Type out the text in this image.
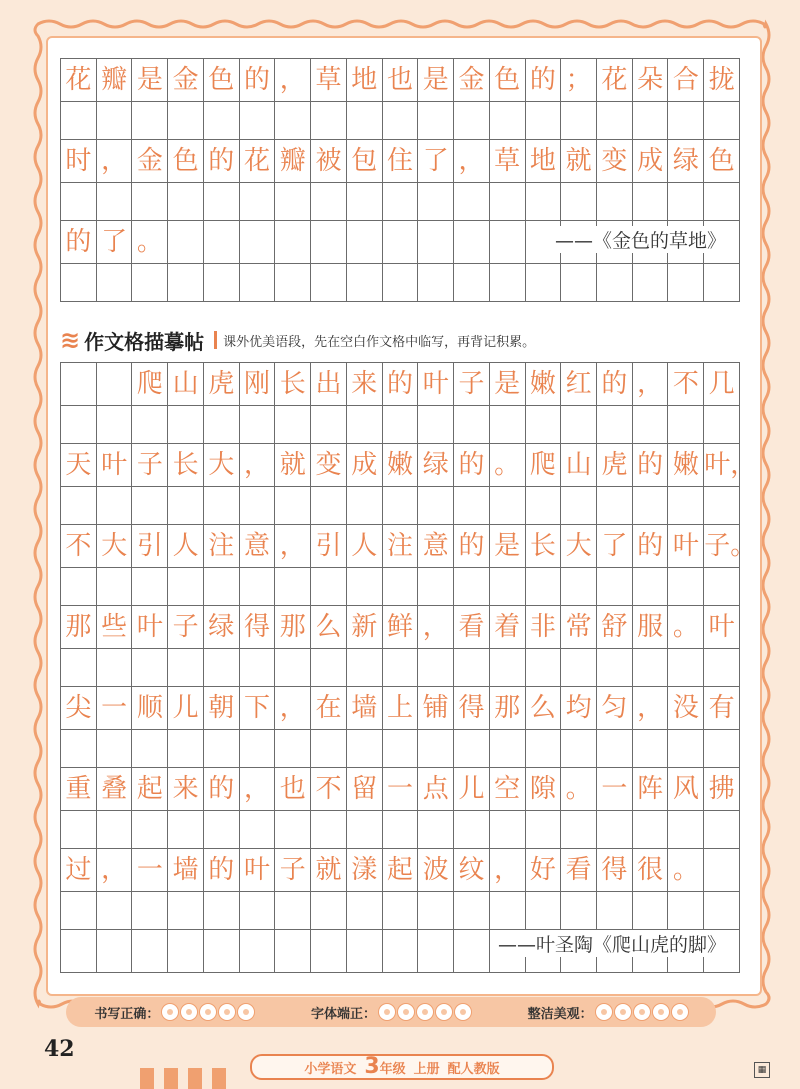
花	瓣	是	金	色	的	，	草	地	也	是	金	色	的	；	花	朵	合	拢

时	，	金	色	的	花	瓣	被	包	住	了	，	草	地	就	变	成	绿	色

的	了	。																
																			——《金色的草地》
≋ 作文格描摹帖 课外优美语段，先在空白作文格中临写，再背记积累。
		爬	山	虎	刚	长	出	来	的	叶	子	是	嫩	红	的	，	不	几

天	叶	子	长	大	，	就	变	成	嫩	绿	的	。	爬	山	虎	的	嫩	叶，

不	大	引	人	注	意	，	引	人	注	意	的	是	长	大	了	的	叶	子。

那	些	叶	子	绿	得	那	么	新	鲜	，	看	着	非	常	舒	服	。	叶

尖	一	顺	儿	朝	下	，	在	墙	上	铺	得	那	么	均	匀	，	没	有

重	叠	起	来	的	，	也	不	留	一	点	儿	空	隙	。	一	阵	风	拂

过	，	一	墙	的	叶	子	就	漾	起	波	纹	，	好	看	得	很	。	

——叶圣陶《爬山虎的脚》
书写正确：	字体端正：	整洁美观：
42
小学语文 3年级 上册 配人教版	▦
